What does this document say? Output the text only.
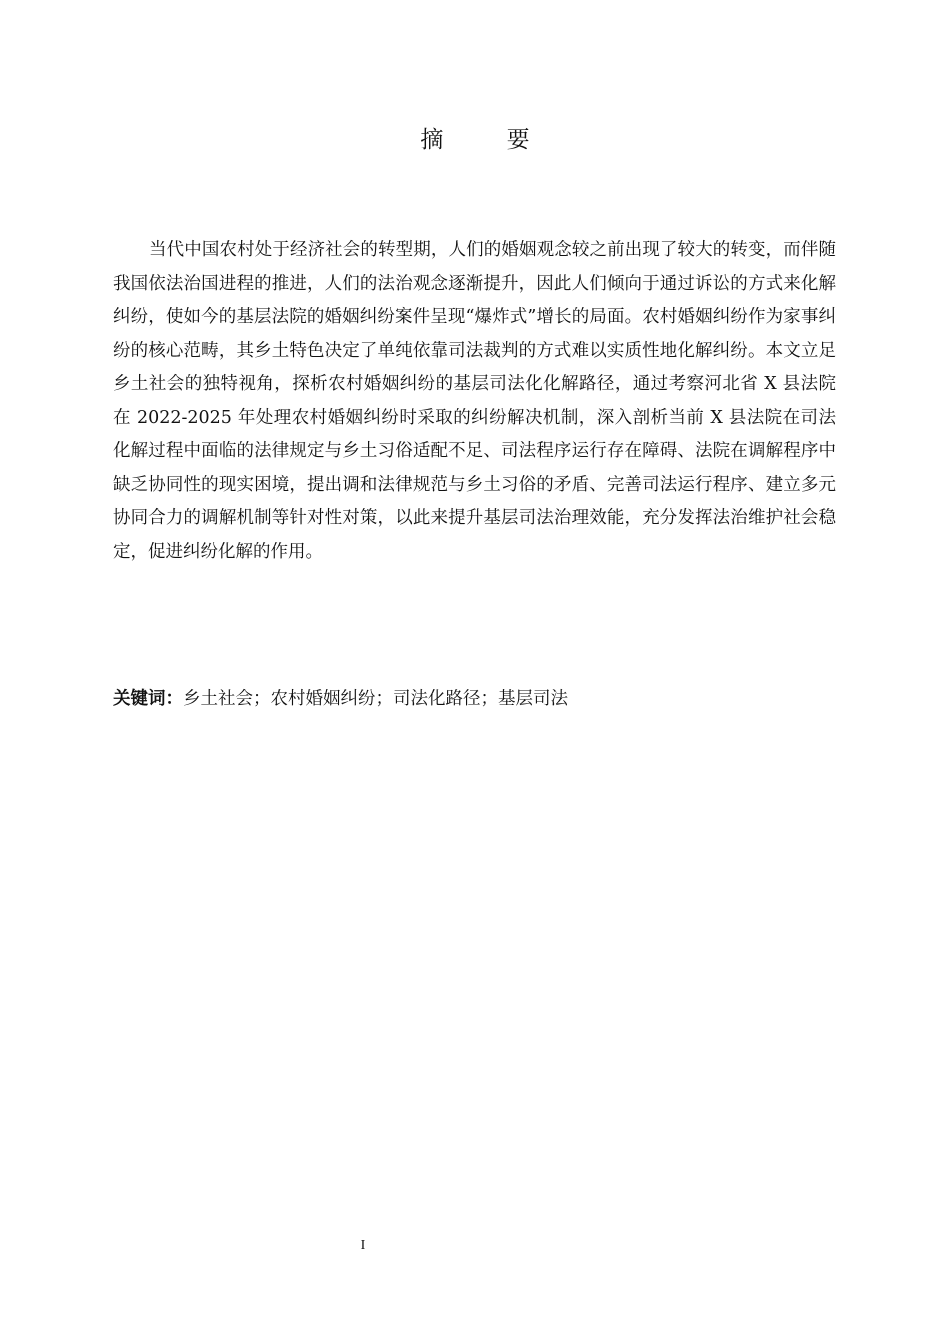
摘 要

当代中国农村处于经济社会的转型期，人们的婚姻观念较之前出现了较大的转变，而伴随我国依法治国进程的推进，人们的法治观念逐渐提升，因此人们倾向于通过诉讼的方式来化解纠纷，使如今的基层法院的婚姻纠纷案件呈现“爆炸式”增长的局面。农村婚姻纠纷作为家事纠纷的核心范畴，其乡土特色决定了单纯依靠司法裁判的方式难以实质性地化解纠纷。本文立足乡土社会的独特视角，探析农村婚姻纠纷的基层司法化化解路径，通过考察河北省 X 县法院在 2022-2025 年处理农村婚姻纠纷时采取的纠纷解决机制，深入剖析当前 X 县法院在司法化解过程中面临的法律规定与乡土习俗适配不足、司法程序运行存在障碍、法院在调解程序中缺乏协同性的现实困境，提出调和法律规范与乡土习俗的矛盾、完善司法运行程序、建立多元协同合力的调解机制等针对性对策，以此来提升基层司法治理效能，充分发挥法治维护社会稳定，促进纠纷化解的作用。

关键词：乡土社会；农村婚姻纠纷；司法化路径；基层司法
I
